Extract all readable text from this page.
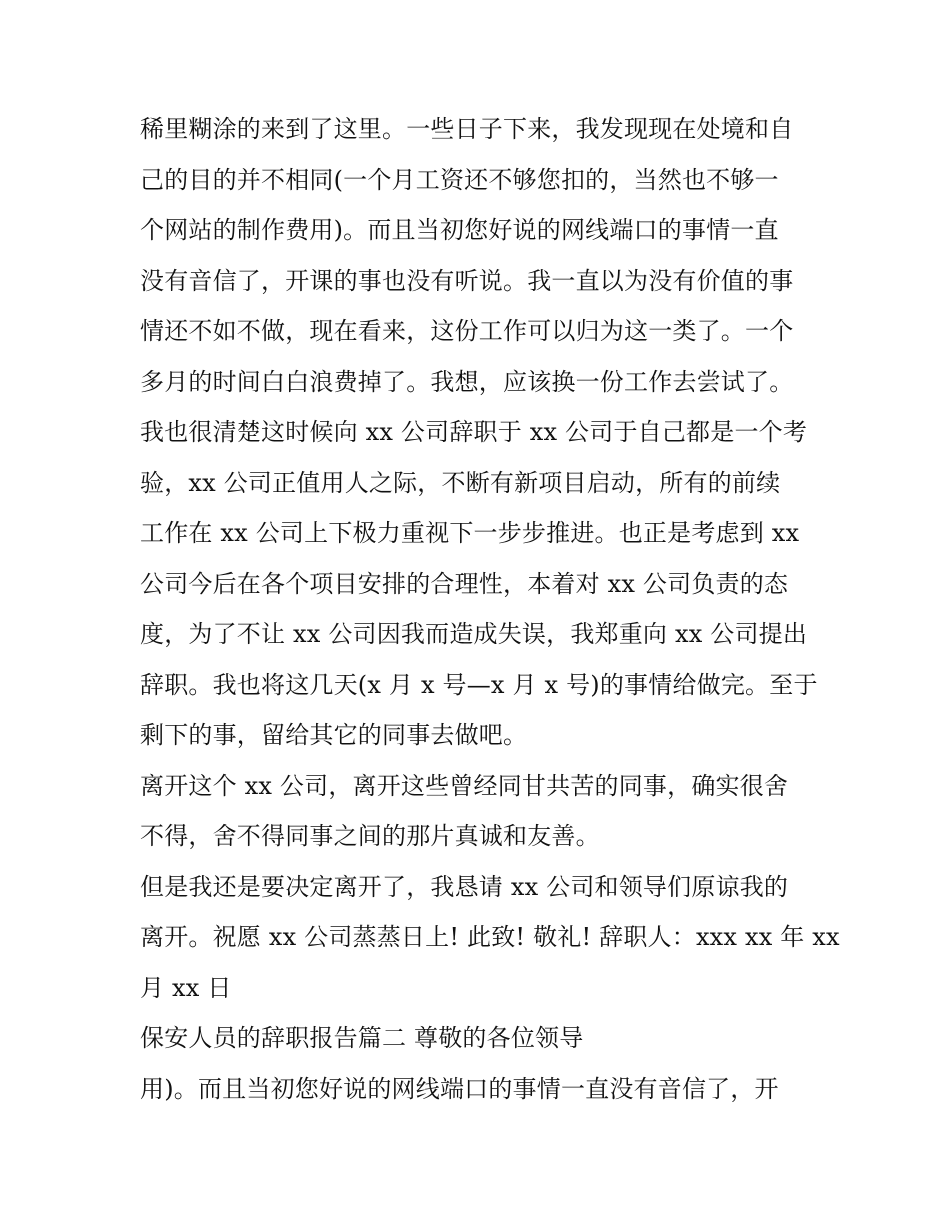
稀里糊涂的来到了这里。一些日子下来，我发现现在处境和自
己的目的并不相同(一个月工资还不够您扣的，当然也不够一
个网站的制作费用)。而且当初您好说的网线端口的事情一直
没有音信了，开课的事也没有听说。我一直以为没有价值的事
情还不如不做，现在看来，这份工作可以归为这一类了。一个
多月的时间白白浪费掉了。我想，应该换一份工作去尝试了。
我也很清楚这时候向 xx 公司辞职于 xx 公司于自己都是一个考
验，xx 公司正值用人之际，不断有新项目启动，所有的前续
工作在 xx 公司上下极力重视下一步步推进。也正是考虑到 xx
公司今后在各个项目安排的合理性，本着对 xx 公司负责的态
度，为了不让 xx 公司因我而造成失误，我郑重向 xx 公司提出
辞职。我也将这几天(x 月 x 号—x 月 x 号)的事情给做完。至于
剩下的事，留给其它的同事去做吧。
离开这个 xx 公司，离开这些曾经同甘共苦的同事，确实很舍
不得，舍不得同事之间的那片真诚和友善。
但是我还是要决定离开了，我恳请 xx 公司和领导们原谅我的
离开。祝愿 xx 公司蒸蒸日上! 此致! 敬礼! 辞职人：xxx xx 年 xx
月 xx 日
保安人员的辞职报告篇二 尊敬的各位领导
用)。而且当初您好说的网线端口的事情一直没有音信了，开
